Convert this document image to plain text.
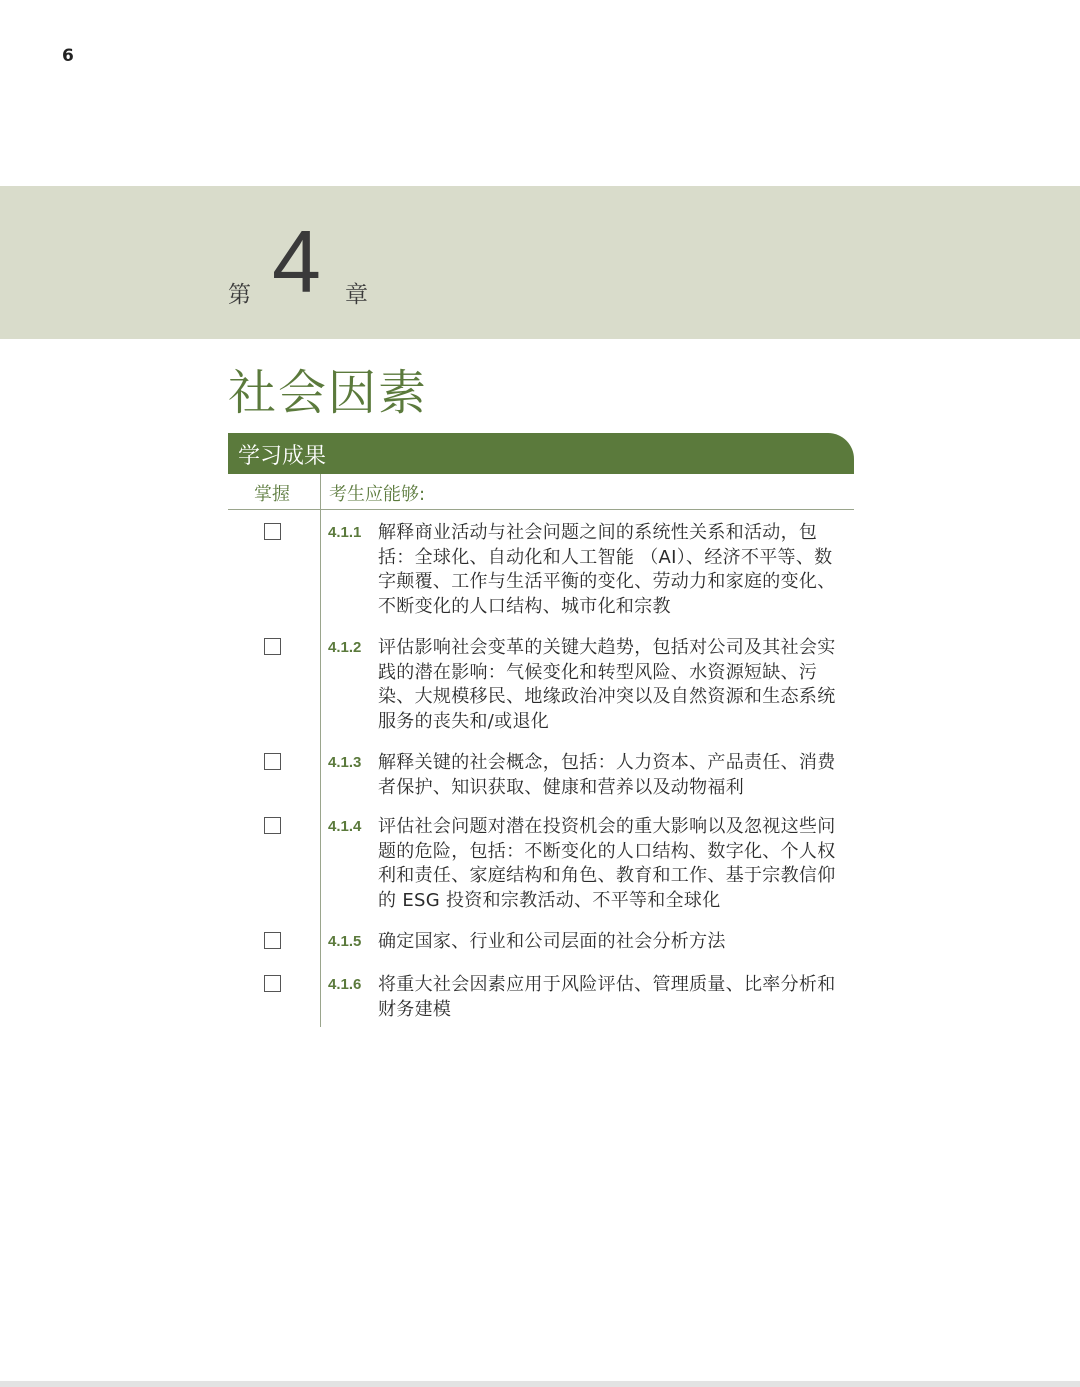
6
第 4 章
社会因素
学习成果
掌握 考生应能够:
4.1.1 解释商业活动与社会问题之间的系统性关系和活动，包括：全球化、自动化和人工智能 （AI）、经济不平等、数字颠覆、工作与生活平衡的变化、劳动力和家庭的变化、不断变化的人口结构、城市化和宗教
4.1.2 评估影响社会变革的关键大趋势，包括对公司及其社会实践的潜在影响：气候变化和转型风险、水资源短缺、污染、大规模移民、地缘政治冲突以及自然资源和生态系统服务的丧失和/或退化
4.1.3 解释关键的社会概念，包括：人力资本、产品责任、消费者保护、知识获取、健康和营养以及动物福利
4.1.4 评估社会问题对潜在投资机会的重大影响以及忽视这些问题的危险，包括：不断变化的人口结构、数字化、个人权利和责任、家庭结构和角色、教育和工作、基于宗教信仰的 ESG 投资和宗教活动、不平等和全球化
4.1.5 确定国家、行业和公司层面的社会分析方法
4.1.6 将重大社会因素应用于风险评估、管理质量、比率分析和财务建模
